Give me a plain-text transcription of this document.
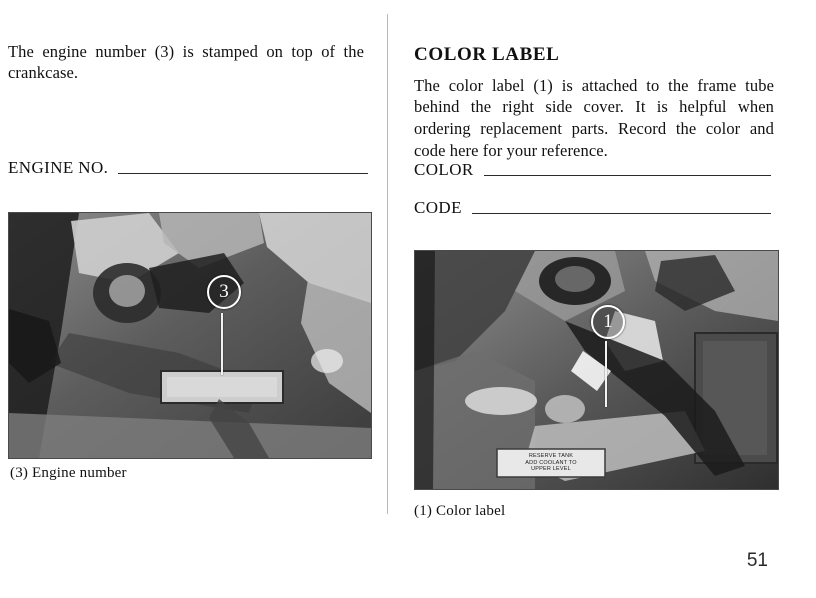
The engine number (3) is stamped on top of the crankcase.

ENGINE NO.
3
(3) Engine number
COLOR LABEL

The color label (1) is attached to the frame tube behind the right side cover. It is helpful when ordering replacement parts. Record the color and code here for your reference.

COLOR
CODE
RESERVE TANK
ADD COOLANT TO
UPPER LEVEL
1
(1) Color label
51
